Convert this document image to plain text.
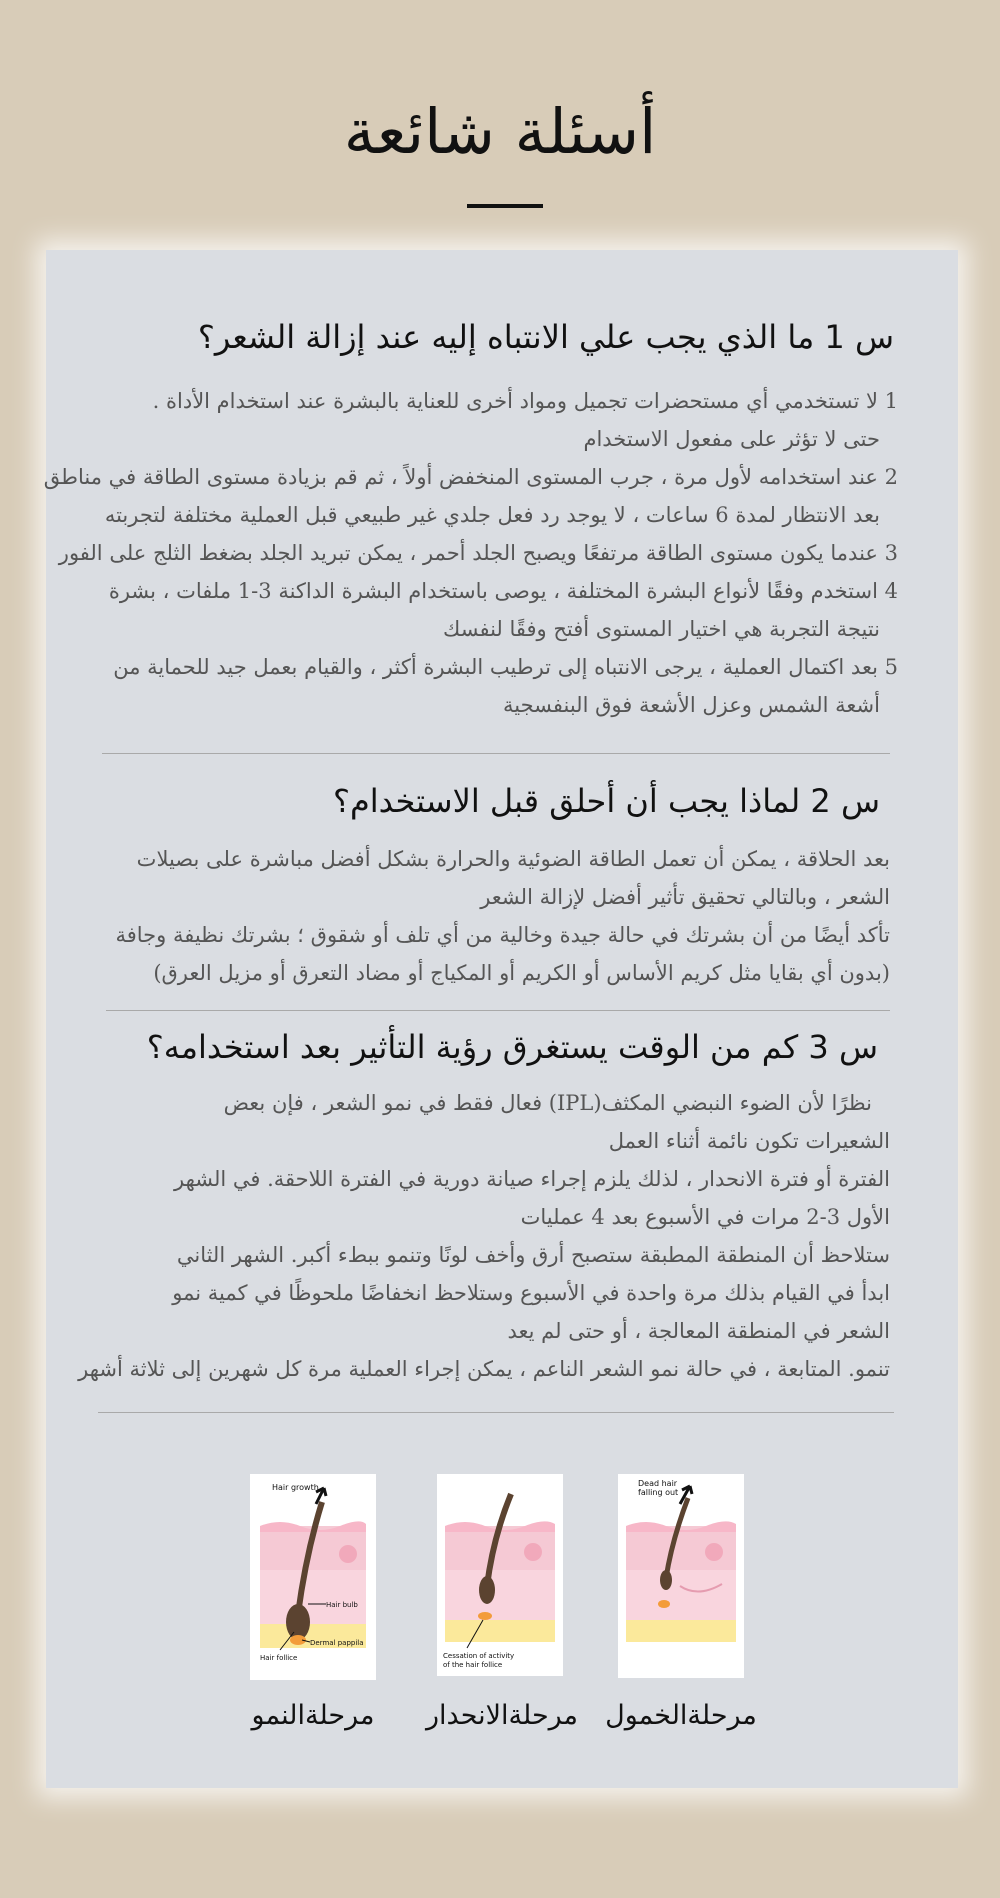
أسئلة شائعة
س 1 ما الذي يجب علي الانتباه إليه عند إزالة الشعر؟
1 لا تستخدمي أي مستحضرات تجميل ومواد أخرى للعناية بالبشرة عند استخدام الأداة .
حتى لا تؤثر على مفعول الاستخدام
2 عند استخدامه لأول مرة ، جرب المستوى المنخفض أولاً ، ثم قم بزيادة مستوى الطاقة في مناطق
بعد الانتظار لمدة 6 ساعات ، لا يوجد رد فعل جلدي غير طبيعي قبل العملية مختلفة لتجربته
3 عندما يكون مستوى الطاقة مرتفعًا ويصبح الجلد أحمر ، يمكن تبريد الجلد بضغط الثلج على الفور
4 استخدم وفقًا لأنواع البشرة المختلفة ، يوصى باستخدام البشرة الداكنة 3-1 ملفات ، بشرة
نتيجة التجربة هي اختيار المستوى أفتح وفقًا لنفسك
5 بعد اكتمال العملية ، يرجى الانتباه إلى ترطيب البشرة أكثر ، والقيام بعمل جيد للحماية من
أشعة الشمس وعزل الأشعة فوق البنفسجية
س 2 لماذا يجب أن أحلق قبل الاستخدام؟
بعد الحلاقة ، يمكن أن تعمل الطاقة الضوئية والحرارة بشكل أفضل مباشرة على بصيلات
الشعر ، وبالتالي تحقيق تأثير أفضل لإزالة الشعر
تأكد أيضًا من أن بشرتك في حالة جيدة وخالية من أي تلف أو شقوق ؛ بشرتك نظيفة وجافة
(بدون أي بقايا مثل كريم الأساس أو الكريم أو المكياج أو مضاد التعرق أو مزيل العرق)
س 3 كم من الوقت يستغرق رؤية التأثير بعد استخدامه؟
نظرًا لأن الضوء النبضي المكثف(IPL) فعال فقط في نمو الشعر ، فإن بعض
الشعيرات تكون نائمة أثناء العمل
الفترة أو فترة الانحدار ، لذلك يلزم إجراء صيانة دورية في الفترة اللاحقة. في الشهر
الأول 3-2 مرات في الأسبوع بعد 4 عمليات
ستلاحظ أن المنطقة المطبقة ستصبح أرق وأخف لونًا وتنمو ببطء أكبر. الشهر الثاني
ابدأ في القيام بذلك مرة واحدة في الأسبوع وستلاحظ انخفاضًا ملحوظًا في كمية نمو
الشعر في المنطقة المعالجة ، أو حتى لم يعد
تنمو. المتابعة ، في حالة نمو الشعر الناعم ، يمكن إجراء العملية مرة كل شهرين إلى ثلاثة أشهر
Hair growth
Hair bulb
Dermal pappila
Hair follice
مرحلةالنمو
Cessation of activity
of the hair follice
مرحلةالانحدار
Dead hair
falling out
مرحلةالخمول
